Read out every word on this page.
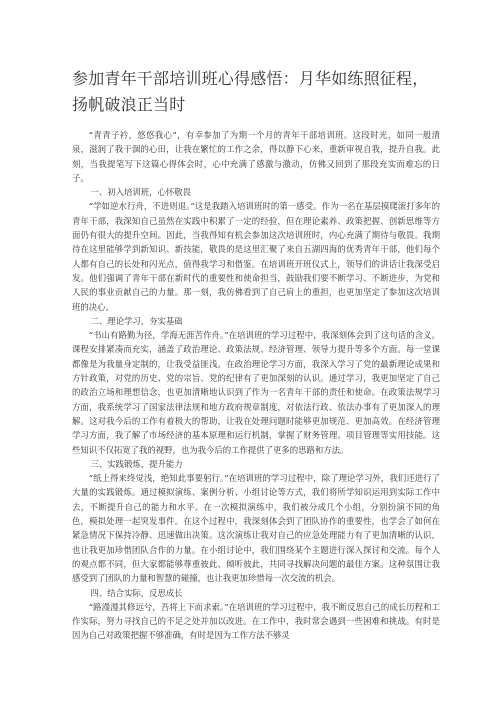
参加青年干部培训班心得感悟：月华如练照征程，扬帆破浪正当时

“青青子衿，悠悠我心”，有幸参加了为期一个月的青年干部培训班。这段时光，如同一般清泉，滋润了我干涸的心田，让我在繁忙的工作之余，得以静下心来，重新审视自我，提升自我。此刻，当我提笔写下这篇心得体会时，心中充满了感激与激动，仿佛又回到了那段充实而难忘的日子。

一、初入培训班，心怀敬畏

“学如逆水行舟，不进则退。”这是我踏入培训班时的第一感受。作为一名在基层摸爬滚打多年的青年干部，我深知自己虽然在实践中积累了一定的经验，但在理论素养、政策把握、创新思维等方面仍有很大的提升空间。因此，当我得知有机会参加这次培训班时，内心充满了期待与敬畏。我期待在这里能够学到新知识、新技能，敬畏的是这里汇聚了来自五湖四海的优秀青年干部，他们每个人都有自己的长处和闪光点，值得我学习和借鉴。在培训班开班仪式上，领导们的讲话让我深受启发。他们强调了青年干部在新时代的重要性和使命担当，鼓励我们要不断学习、不断进步，为党和人民的事业贡献自己的力量。那一刻，我仿佛看到了自己肩上的重担，也更加坚定了参加这次培训班的决心。

二、理论学习，夯实基础

“书山有路勤为径，学海无涯苦作舟。”在培训班的学习过程中，我深刻体会到了这句话的含义。课程安排紧凑而充实，涵盖了政治理论、政策法规、经济管理、领导力提升等多个方面。每一堂课都像是为我量身定制的，让我受益匪浅。在政治理论学习方面，我深入学习了党的最新理论成果和方针政策，对党的历史、党的宗旨、党的纪律有了更加深刻的认识。通过学习，我更加坚定了自己的政治立场和理想信念，也更加清晰地认识到了作为一名青年干部的责任和使命。在政策法规学习方面，我系统学习了国家法律法规和地方政府规章制度，对依法行政、依法办事有了更加深入的理解。这对我今后的工作有着极大的帮助，让我在处理问题时能够更加规范、更加高效。在经济管理学习方面，我了解了市场经济的基本原理和运行机制，掌握了财务管理、项目管理等实用技能。这些知识不仅拓宽了我的视野，也为我今后的工作提供了更多的思路和方法。

三、实践锻炼，提升能力

“纸上得来终觉浅，绝知此事要躬行。”在培训班的学习过程中，除了理论学习外，我们还进行了大量的实践锻炼。通过模拟演练、案例分析、小组讨论等方式，我们将所学知识运用到实际工作中去，不断提升自己的能力和水平。在一次模拟演练中，我们被分成几个小组，分别扮演不同的角色，模拟处理一起突发事件。在这个过程中，我深刻体会到了团队协作的重要性，也学会了如何在紧急情况下保持冷静、迅速做出决策。这次演练让我对自己的应急处理能力有了更加清晰的认识，也让我更加珍惜团队合作的力量。在小组讨论中，我们围绕某个主题进行深入探讨和交流。每个人的观点都不同，但大家都能够尊重彼此、倾听彼此，共同寻找解决问题的最佳方案。这种氛围让我感受到了团队的力量和智慧的碰撞，也让我更加珍惜每一次交流的机会。

四、结合实际，反思成长

“路漫漫其修远兮，吾将上下而求索。”在培训班的学习过程中，我不断反思自己的成长历程和工作实际，努力寻找自己的不足之处并加以改进。在工作中，我时常会遇到一些困难和挑战。有时是因为自己对政策把握不够准确，有时是因为工作方法不够灵
